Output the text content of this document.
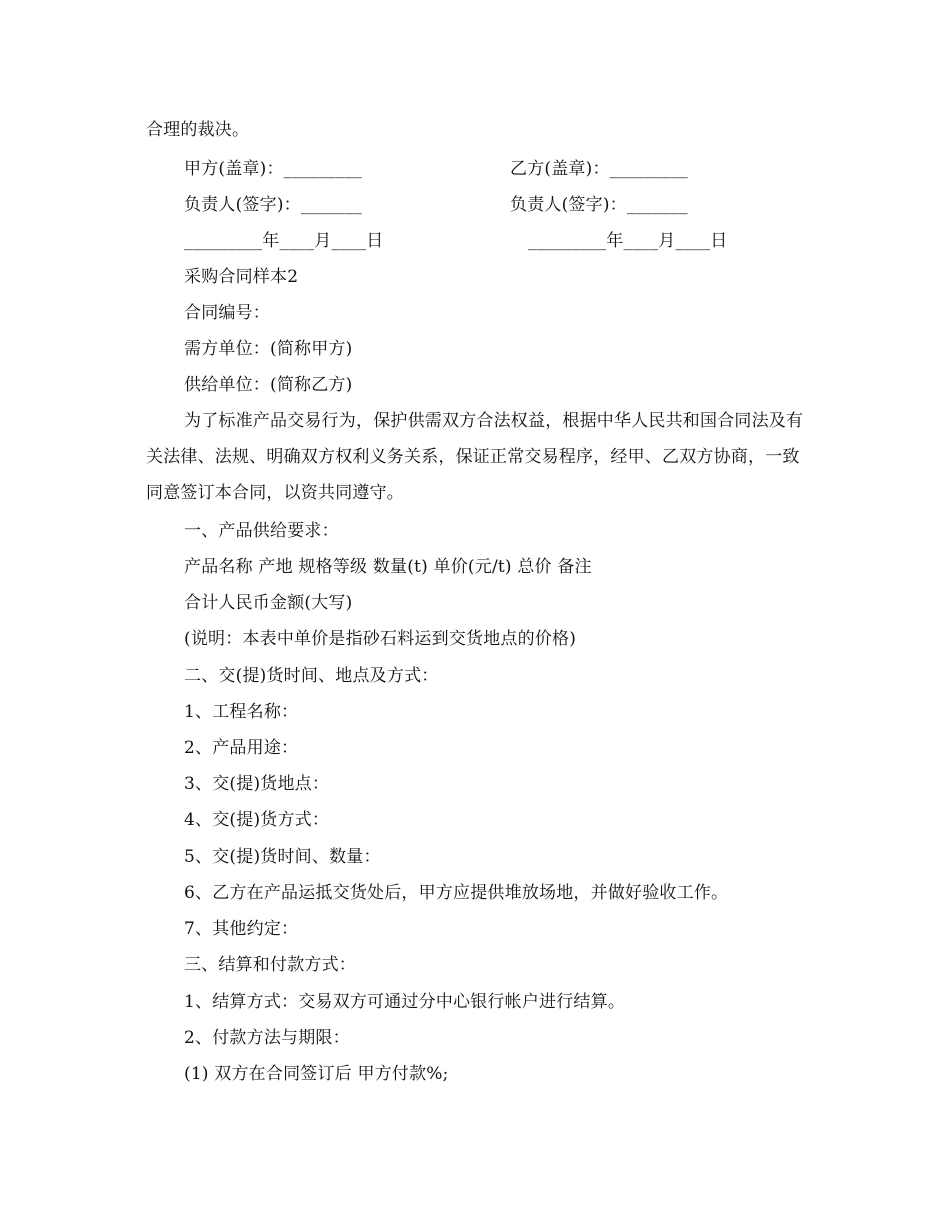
合理的裁决。
甲方(盖章)：_________	乙方(盖章)：_________
负责人(签字)：_______	负责人(签字)：_______
_________年____月____日	_________年____月____日
采购合同样本2
合同编号：
需方单位：(简称甲方)
供给单位：(简称乙方)
为了标准产品交易行为，保护供需双方合法权益，根据中华人民共和国合同法及有关法律、法规、明确双方权利义务关系，保证正常交易程序，经甲、乙双方协商，一致同意签订本合同，以资共同遵守。
一、产品供给要求：
产品名称 产地 规格等级 数量(t) 单价(元/t) 总价 备注
合计人民币金额(大写)
(说明：本表中单价是指砂石料运到交货地点的价格)
二、交(提)货时间、地点及方式：
1、工程名称：
2、产品用途：
3、交(提)货地点：
4、交(提)货方式：
5、交(提)货时间、数量：
6、乙方在产品运抵交货处后，甲方应提供堆放场地，并做好验收工作。
7、其他约定：
三、结算和付款方式：
1、结算方式：交易双方可通过分中心银行帐户进行结算。
2、付款方法与期限：
(1) 双方在合同签订后 甲方付款%;
